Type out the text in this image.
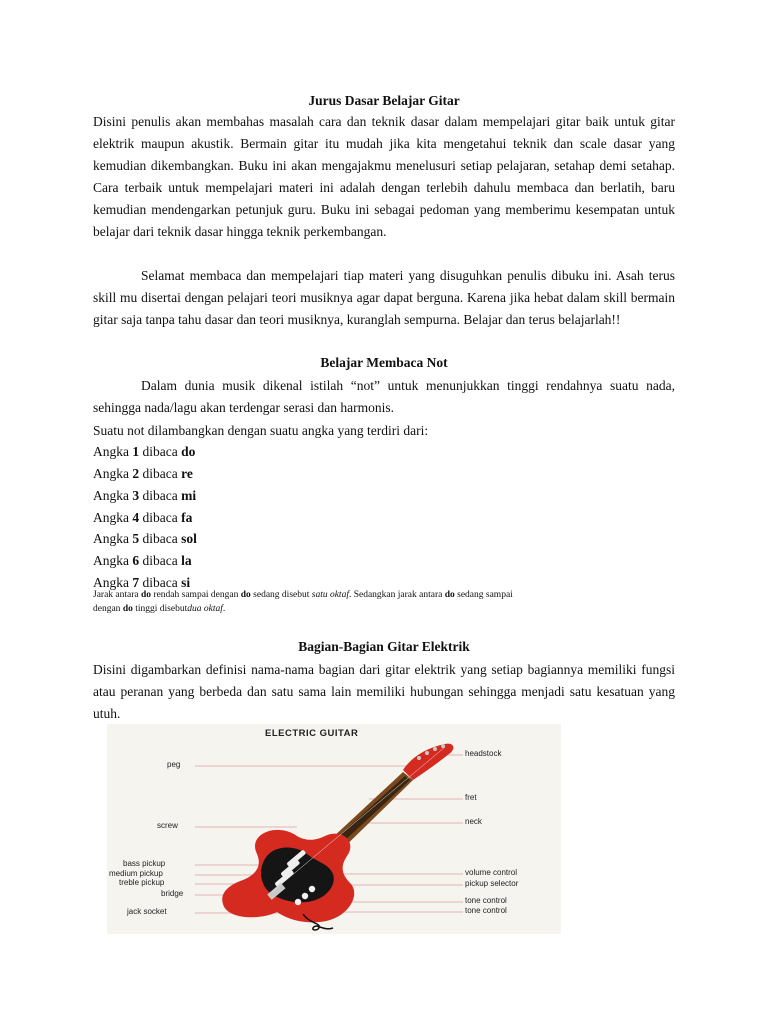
Jurus Dasar Belajar Gitar
Disini penulis akan membahas masalah cara dan teknik dasar dalam mempelajari gitar baik untuk gitar elektrik maupun akustik. Bermain gitar itu mudah jika kita mengetahui teknik dan scale dasar yang kemudian dikembangkan. Buku ini akan mengajakmu menelusuri setiap pelajaran, setahap demi setahap. Cara terbaik untuk mempelajari materi ini adalah dengan terlebih dahulu membaca dan berlatih, baru kemudian mendengarkan petunjuk guru. Buku ini sebagai pedoman yang memberimu kesempatan untuk belajar dari teknik dasar hingga teknik perkembangan.
Selamat membaca dan mempelajari tiap materi yang disuguhkan penulis dibuku ini. Asah terus skill mu disertai dengan pelajari teori musiknya agar dapat berguna. Karena jika hebat dalam skill bermain gitar saja tanpa tahu dasar dan teori musiknya, kuranglah sempurna. Belajar dan terus belajarlah!!
Belajar Membaca Not
Dalam dunia musik dikenal istilah “not” untuk menunjukkan tinggi rendahnya suatu nada, sehingga nada/lagu akan terdengar serasi dan harmonis.
Suatu not dilambangkan dengan suatu angka yang terdiri dari:
Angka 1 dibaca do
Angka 2 dibaca re
Angka 3 dibaca mi
Angka 4 dibaca fa
Angka 5 dibaca sol
Angka 6 dibaca la
Angka 7 dibaca si
Jarak antara do rendah sampai dengan do sedang disebut satu oktaf. Sedangkan jarak antara do sedang sampai
dengan do tinggi disebutdua oktaf.
Bagian-Bagian Gitar Elektrik
Disini digambarkan definisi nama-nama bagian dari gitar elektrik yang setiap bagiannya memiliki fungsi atau peranan yang berbeda dan satu sama lain memiliki hubungan sehingga menjadi satu kesatuan yang utuh.
ELECTRIC GUITAR
peg
screw
bass pickup
medium pickup
treble pickup
bridge
jack socket
headstock
fret
neck
volume control
pickup selector
tone control
tone control
